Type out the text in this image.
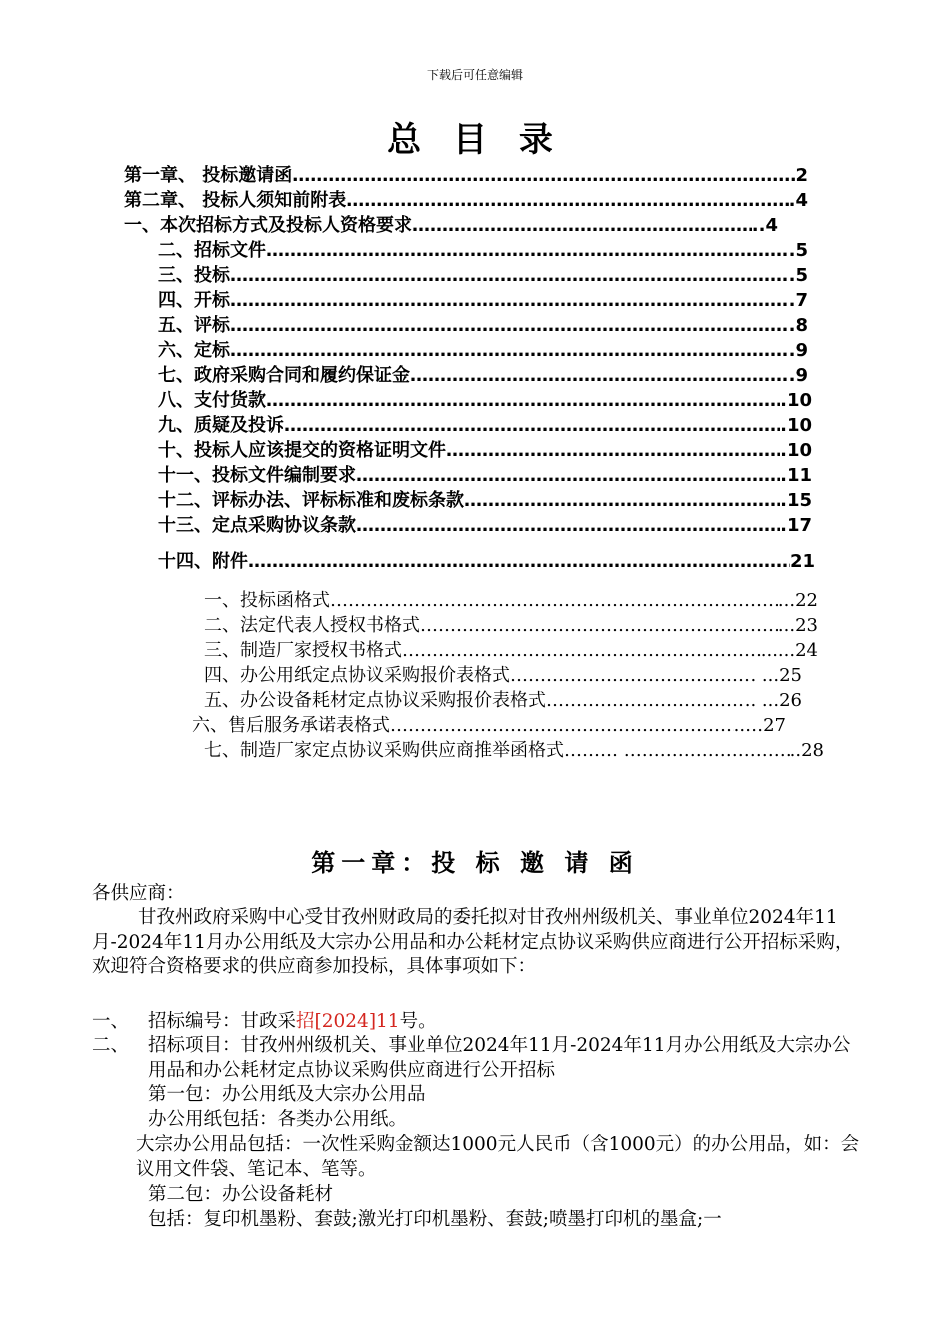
下载后可任意编辑
总 目 录
第一章、 投标邀请函……………… ……………………………………………………………………………………………………………………………………	2
第二章、 投标人须知前附表…… ……………………………………………………………………………………………………………………………………	.4
一、本次招标方式及投标人资格要求…………………………………… ……………………………………………………………………………………………………………………………………	..4
二、招标文件……………… ……………………………………………………………………………………………………………………………………	.5
三、投标……………… ……………………………………………………………………………………………………………………………………	.5
四、开标……………… ……………………………………………………………………………………………………………………………………	.7
五、评标……………… ……………………………………………………………………………………………………………………………………	.8
六、定标……………… ……………………………………………………………………………………………………………………………………	.9
七、政府采购合同和履约保证金………………………… ……………………………………………………………………………………………………………………………………	.9
八、支付货款……………… ……………………………………………………………………………………………………………………………………	.10
九、质疑及投诉……………… ……………………………………………………………………………………………………………………………………	.10
十、投标人应该提交的资格证明文件…………………………… ……………………………………………………………………………………………………………………………………	.10
十一、投标文件编制要求…… ……………………………………………………………………………………………………………………………………	.11
十二、评标办法、评标标准和废标条款……………… ……………………………………………………………………………………………………………………………………	.15
十三、定点采购协议条款 ……………………………………………………………………………………………………………………………………	.17
十四、附件……………… ……………………………………………………………………………………………………………………………………	21
一、投标函格式 ……………………………………………………………………………………………………………………………………	...22
二、法定代表人授权书格式………………………………… ……………………………………………………………………………………………………………………………………	...23
三、制造厂家授权书格式……………………………………… ……………………………………………………………………………………………………………………………………	......24
四、办公用纸定点协议采购报价表格式……………… ……………………………………………………………………………………………………………………………………	. ...25
五、办公设备耗材定点协议采购报价表格式………… ……………………………………………………………………………………………………………………………………	.. ...26
六、售后服务承诺表格式………………………………… ……………………………………………………………………………………………………………………………………	..…27
七、制造厂家定点协议采购供应商推举函格式……… ……… ……………………………………………………………………………………………………………………………………	..28
第一章：投 标 邀 请 函
各供应商：
甘孜州政府采购中心受甘孜州财政局的委托拟对甘孜州州级机关、事业单位2024年11月-2024年11月办公用纸及大宗办公用品和办公耗材定点协议采购供应商进行公开招标采购，欢迎符合资格要求的供应商参加投标，具体事项如下：
一、 招标编号：甘政采招[2024]11号。
二、	招标项目：甘孜州州级机关、事业单位2024年11月-2024年11月办公用纸及大宗办公用品和办公耗材定点协议采购供应商进行公开招标
第一包：办公用纸及大宗办公用品
办公用纸包括：各类办公用纸。
大宗办公用品包括：一次性采购金额达1000元人民币（含1000元）的办公用品，如：会议用文件袋、笔记本、笔等。
第二包：办公设备耗材
包括：复印机墨粉、套鼓;激光打印机墨粉、套鼓;喷墨打印机的墨盒;一
